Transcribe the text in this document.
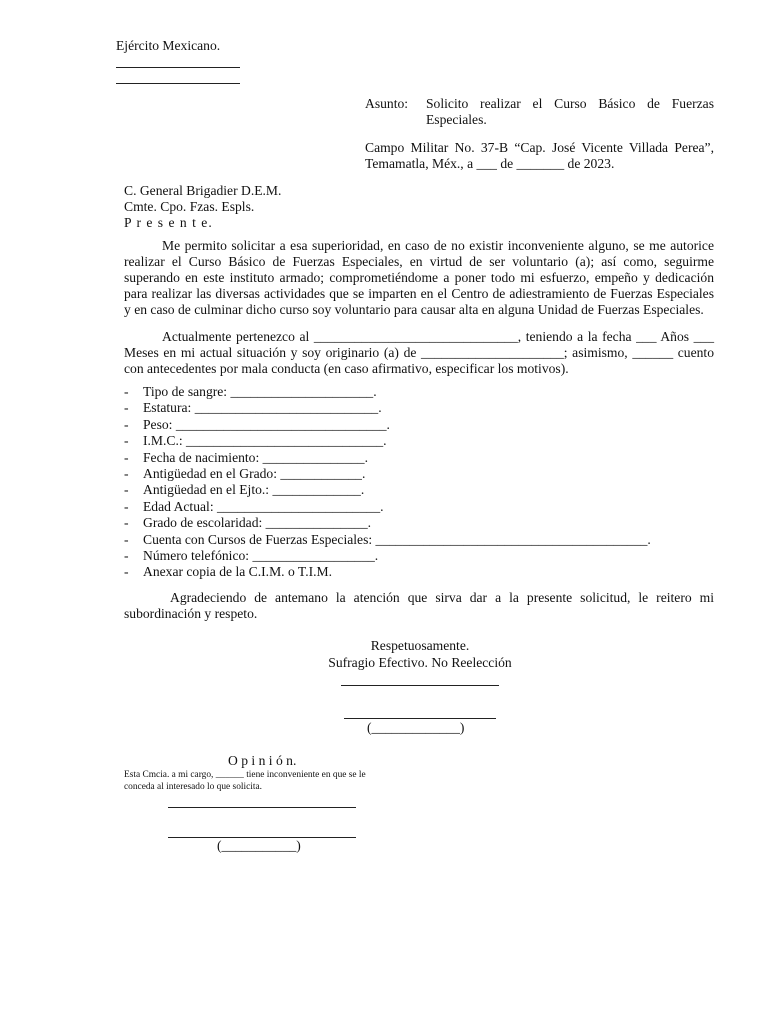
Ejército Mexicano.
Asunto: Solicito realizar el Curso Básico de Fuerzas Especiales.
Campo Militar No. 37-B “Cap. José Vicente Villada Perea”,
Temamatla, Méx., a ___ de _______ de 2023.
C. General Brigadier D.E.M.
Cmte. Cpo. Fzas. Espls.
P r e s e n t e.
Me permito solicitar a esa superioridad, en caso de no existir inconveniente alguno, se me autorice realizar el Curso Básico de Fuerzas Especiales, en virtud de ser voluntario (a); así como, seguirme superando en este instituto armado; comprometiéndome a poner todo mi esfuerzo, empeño y dedicación para realizar las diversas actividades que se imparten en el Centro de adiestramiento de Fuerzas Especiales y en caso de culminar dicho curso soy voluntario para causar alta en alguna Unidad de Fuerzas Especiales.
Actualmente pertenezco al ______________________________, teniendo a la fecha ___ Años ___ Meses en mi actual situación y soy originario (a) de _____________________; asimismo, ______ cuento con antecedentes por mala conducta (en caso afirmativo, especificar los motivos).
- Tipo de sangre: _____________________.
- Estatura: ___________________________.
- Peso: _______________________________.
- I.M.C.: _____________________________.
- Fecha de nacimiento: _______________.
- Antigüedad en el Grado: ____________.
- Antigüedad en el Ejto.: _____________.
- Edad Actual: ________________________.
- Grado de escolaridad: _______________.
- Cuenta con Cursos de Fuerzas Especiales: ________________________________________.
- Número telefónico: __________________.
- Anexar copia de la C.I.M. o T.I.M.
Agradeciendo de antemano la atención que sirva dar a la presente solicitud, le reitero mi subordinación y respeto.
Respetuosamente.
Sufragio Efectivo. No Reelección
(_____________)
O p i n i ó n.
Esta Cmcia. a mi cargo, ______ tiene inconveniente en que se le
conceda al interesado lo que solicita.
(___________)
